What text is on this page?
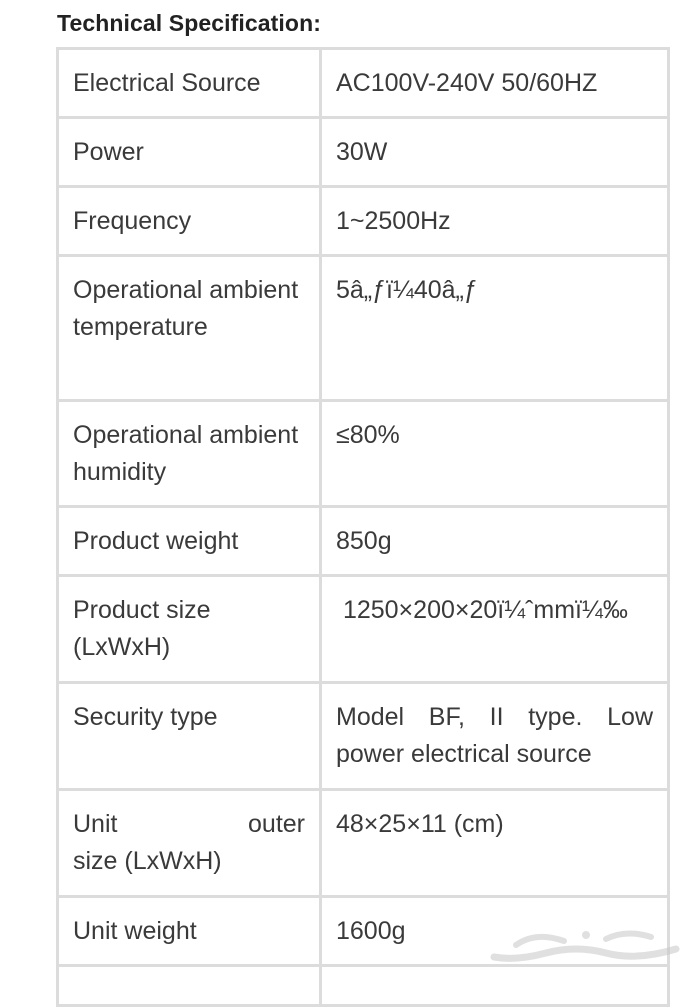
Technical Specification:
Electrical Source	AC100V-240V 50/60HZ
Power	30W
Frequency	1~2500Hz
Operational ambient temperature	5â„ƒï¼40â„ƒ
Operational ambient humidity	≤80%
Product weight	850g
Product size (LxWxH)	1250×200×20ï¼ˆmmï¼‰
Security type	Model BF, II type. Low power electrical source

Unit outer
size (LxWxH)	48×25×11 (cm)
Unit weight	1600g

حراج
